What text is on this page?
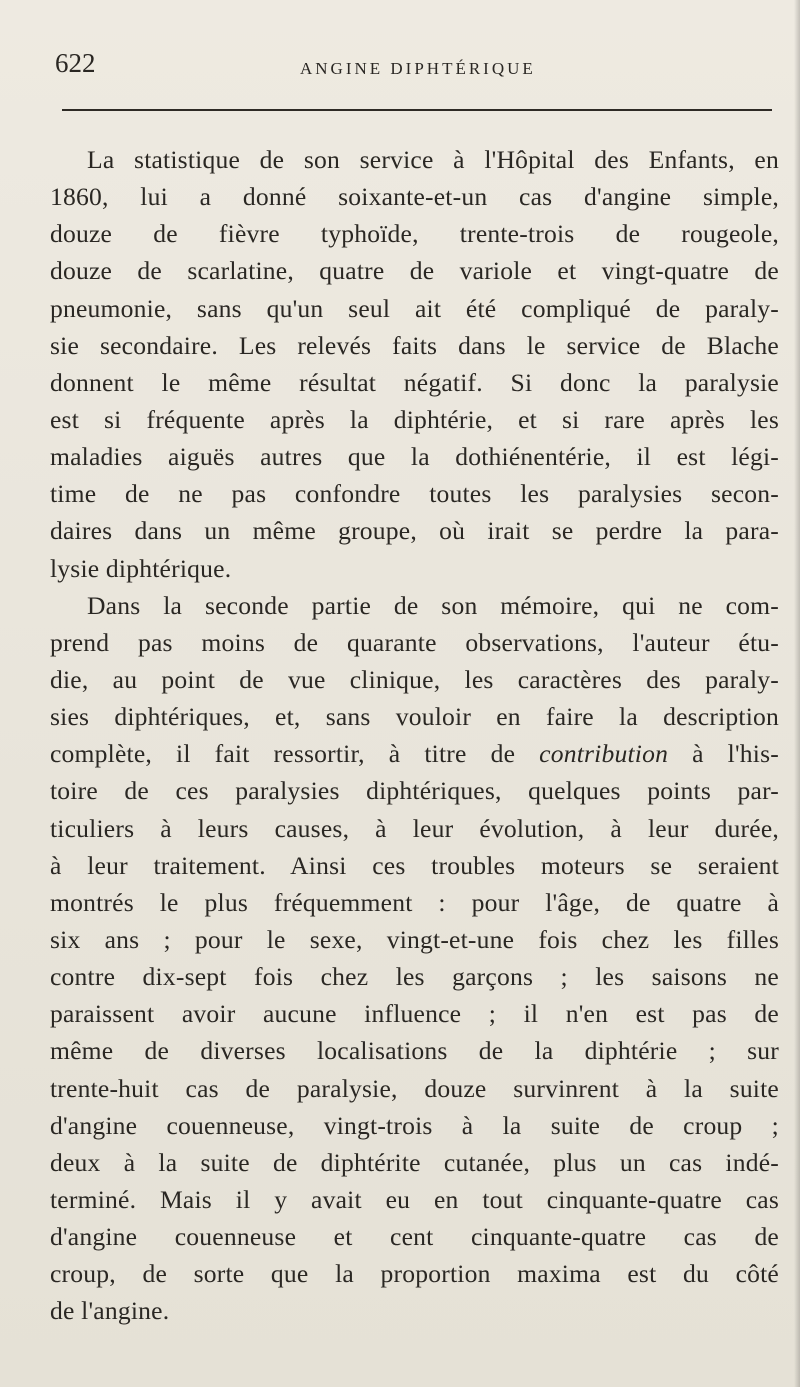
622	ANGINE DIPHTÉRIQUE
La statistique de son service à l'Hôpital des Enfants, en
1860, lui a donné soixante-et-un cas d'angine simple,
douze de fièvre typhoïde, trente-trois de rougeole,
douze de scarlatine, quatre de variole et vingt-quatre de
pneumonie, sans qu'un seul ait été compliqué de paraly-
sie secondaire. Les relevés faits dans le service de Blache
donnent le même résultat négatif. Si donc la paralysie
est si fréquente après la diphtérie, et si rare après les
maladies aiguës autres que la dothiénentérie, il est légi-
time de ne pas confondre toutes les paralysies secon-
daires dans un même groupe, où irait se perdre la para-
lysie diphtérique.
Dans la seconde partie de son mémoire, qui ne com-
prend pas moins de quarante observations, l'auteur étu-
die, au point de vue clinique, les caractères des paraly-
sies diphtériques, et, sans vouloir en faire la description
complète, il fait ressortir, à titre de contribution à l'his-
toire de ces paralysies diphtériques, quelques points par-
ticuliers à leurs causes, à leur évolution, à leur durée,
à leur traitement. Ainsi ces troubles moteurs se seraient
montrés le plus fréquemment : pour l'âge, de quatre à
six ans ; pour le sexe, vingt-et-une fois chez les filles
contre dix-sept fois chez les garçons ; les saisons ne
paraissent avoir aucune influence ; il n'en est pas de
même de diverses localisations de la diphtérie ; sur
trente-huit cas de paralysie, douze survinrent à la suite
d'angine couenneuse, vingt-trois à la suite de croup ;
deux à la suite de diphtérite cutanée, plus un cas indé-
terminé. Mais il y avait eu en tout cinquante-quatre cas
d'angine couenneuse et cent cinquante-quatre cas de
croup, de sorte que la proportion maxima est du côté
de l'angine.
